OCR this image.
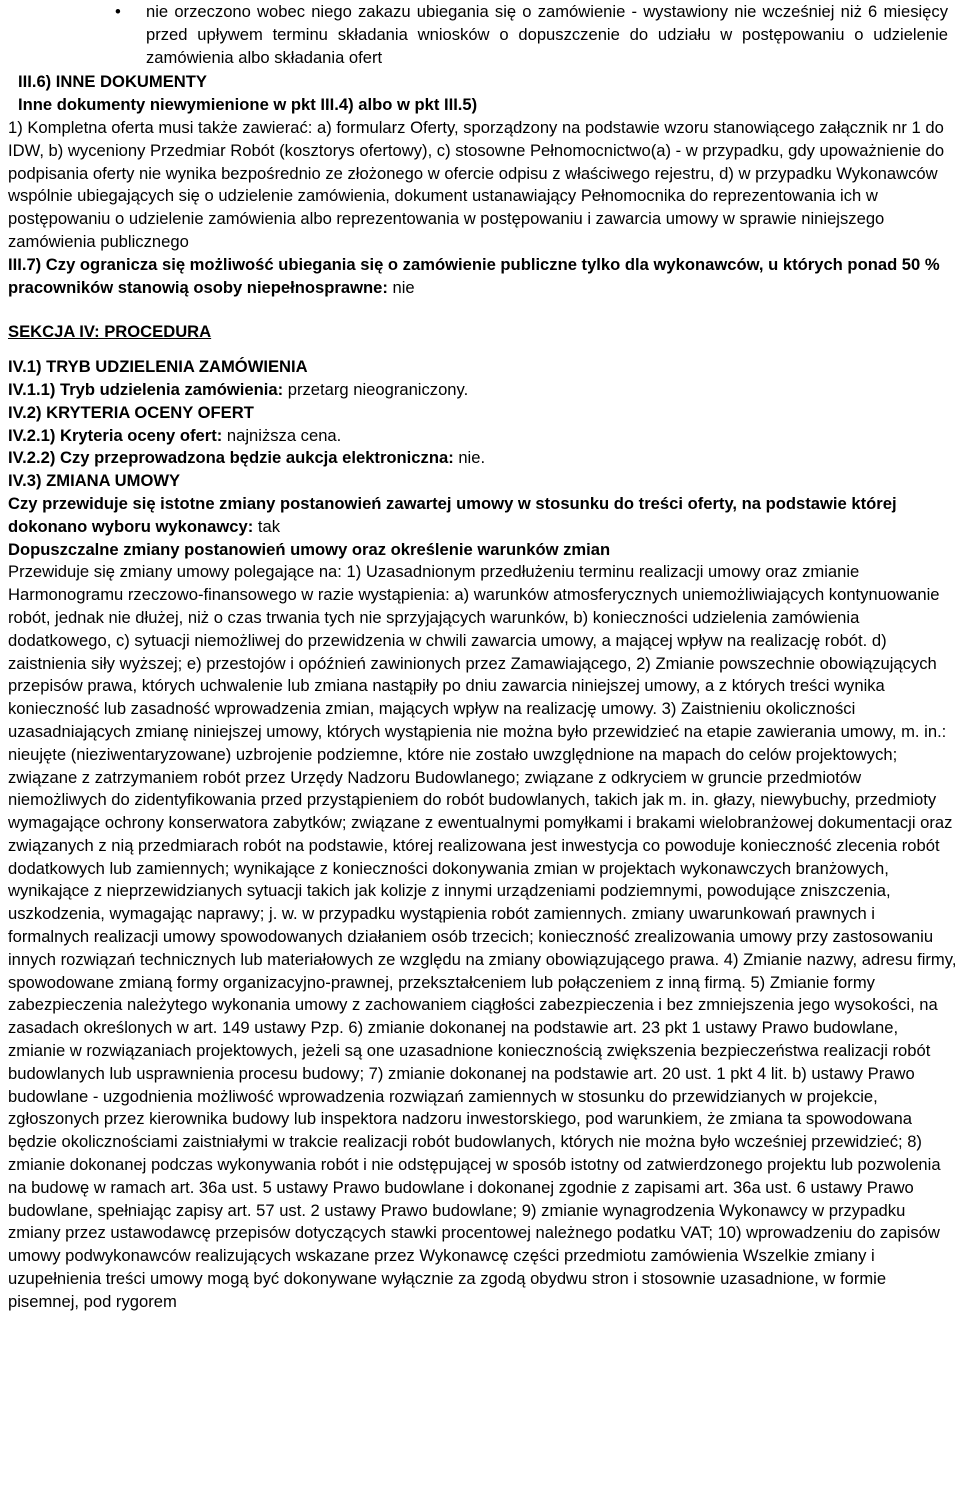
• nie orzeczono wobec niego zakazu ubiegania się o zamówienie - wystawiony nie wcześniej niż 6 miesięcy przed upływem terminu składania wniosków o dopuszczenie do udziału w postępowaniu o udzielenie zamówienia albo składania ofert

III.6) INNE DOKUMENTY

Inne dokumenty niewymienione w pkt III.4) albo w pkt III.5)

1) Kompletna oferta musi także zawierać: a) formularz Oferty, sporządzony na podstawie wzoru stanowiącego załącznik nr 1 do IDW, b) wyceniony Przedmiar Robót (kosztorys ofertowy), c) stosowne Pełnomocnictwo(a) - w przypadku, gdy upoważnienie do podpisania oferty nie wynika bezpośrednio ze złożonego w ofercie odpisu z właściwego rejestru, d) w przypadku Wykonawców wspólnie ubiegających się o udzielenie zamówienia, dokument ustanawiający Pełnomocnika do reprezentowania ich w postępowaniu o udzielenie zamówienia albo reprezentowania w postępowaniu i zawarcia umowy w sprawie niniejszego zamówienia publicznego

III.7) Czy ogranicza się możliwość ubiegania się o zamówienie publiczne tylko dla wykonawców, u których ponad 50 % pracowników stanowią osoby niepełnosprawne: nie

SEKCJA IV: PROCEDURA

IV.1) TRYB UDZIELENIA ZAMÓWIENIA

IV.1.1) Tryb udzielenia zamówienia: przetarg nieograniczony.

IV.2) KRYTERIA OCENY OFERT

IV.2.1) Kryteria oceny ofert: najniższa cena.

IV.2.2) Czy przeprowadzona będzie aukcja elektroniczna: nie.

IV.3) ZMIANA UMOWY

Czy przewiduje się istotne zmiany postanowień zawartej umowy w stosunku do treści oferty, na podstawie której dokonano wyboru wykonawcy: tak

Dopuszczalne zmiany postanowień umowy oraz określenie warunków zmian

Przewiduje się zmiany umowy polegające na: 1) Uzasadnionym przedłużeniu terminu realizacji umowy oraz zmianie Harmonogramu rzeczowo-finansowego w razie wystąpienia: a) warunków atmosferycznych uniemożliwiających kontynuowanie robót, jednak nie dłużej, niż o czas trwania tych nie sprzyjających warunków, b) konieczności udzielenia zamówienia dodatkowego, c) sytuacji niemożliwej do przewidzenia w chwili zawarcia umowy, a mającej wpływ na realizację robót. d) zaistnienia siły wyższej; e) przestojów i opóźnień zawinionych przez Zamawiającego, 2) Zmianie powszechnie obowiązujących przepisów prawa, których uchwalenie lub zmiana nastąpiły po dniu zawarcia niniejszej umowy, a z których treści wynika konieczność lub zasadność wprowadzenia zmian, mających wpływ na realizację umowy. 3) Zaistnieniu okoliczności uzasadniających zmianę niniejszej umowy, których wystąpienia nie można było przewidzieć na etapie zawierania umowy, m. in.: nieujęte (nieziwentaryzowane) uzbrojenie podziemne, które nie zostało uwzględnione na mapach do celów projektowych; związane z zatrzymaniem robót przez Urzędy Nadzoru Budowlanego; związane z odkryciem w gruncie przedmiotów niemożliwych do zidentyfikowania przed przystąpieniem do robót budowlanych, takich jak m. in. głazy, niewybuchy, przedmioty wymagające ochrony konserwatora zabytków; związane z ewentualnymi pomyłkami i brakami wielobranżowej dokumentacji oraz związanych z nią przedmiarach robót na podstawie, której realizowana jest inwestycja co powoduje konieczność zlecenia robót dodatkowych lub zamiennych; wynikające z konieczności dokonywania zmian w projektach wykonawczych branżowych, wynikające z nieprzewidzianych sytuacji takich jak kolizje z innymi urządzeniami podziemnymi, powodujące zniszczenia, uszkodzenia, wymagając naprawy; j. w. w przypadku wystąpienia robót zamiennych. zmiany uwarunkowań prawnych i formalnych realizacji umowy spowodowanych działaniem osób trzecich; konieczność zrealizowania umowy przy zastosowaniu innych rozwiązań technicznych lub materiałowych ze względu na zmiany obowiązującego prawa. 4) Zmianie nazwy, adresu firmy, spowodowane zmianą formy organizacyjno-prawnej, przekształceniem lub połączeniem z inną firmą. 5) Zmianie formy zabezpieczenia należytego wykonania umowy z zachowaniem ciągłości zabezpieczenia i bez zmniejszenia jego wysokości, na zasadach określonych w art. 149 ustawy Pzp. 6) zmianie dokonanej na podstawie art. 23 pkt 1 ustawy Prawo budowlane, zmianie w rozwiązaniach projektowych, jeżeli są one uzasadnione koniecznością zwiększenia bezpieczeństwa realizacji robót budowlanych lub usprawnienia procesu budowy; 7) zmianie dokonanej na podstawie art. 20 ust. 1 pkt 4 lit. b) ustawy Prawo budowlane - uzgodnienia możliwość wprowadzenia rozwiązań zamiennych w stosunku do przewidzianych w projekcie, zgłoszonych przez kierownika budowy lub inspektora nadzoru inwestorskiego, pod warunkiem, że zmiana ta spowodowana będzie okolicznościami zaistniałymi w trakcie realizacji robót budowlanych, których nie można było wcześniej przewidzieć; 8) zmianie dokonanej podczas wykonywania robót i nie odstępującej w sposób istotny od zatwierdzonego projektu lub pozwolenia na budowę w ramach art. 36a ust. 5 ustawy Prawo budowlane i dokonanej zgodnie z zapisami art. 36a ust. 6 ustawy Prawo budowlane, spełniając zapisy art. 57 ust. 2 ustawy Prawo budowlane; 9) zmianie wynagrodzenia Wykonawcy w przypadku zmiany przez ustawodawcę przepisów dotyczących stawki procentowej należnego podatku VAT; 10) wprowadzeniu do zapisów umowy podwykonawców realizujących wskazane przez Wykonawcę części przedmiotu zamówienia Wszelkie zmiany i uzupełnienia treści umowy mogą być dokonywane wyłącznie za zgodą obydwu stron i stosownie uzasadnione, w formie pisemnej, pod rygorem
